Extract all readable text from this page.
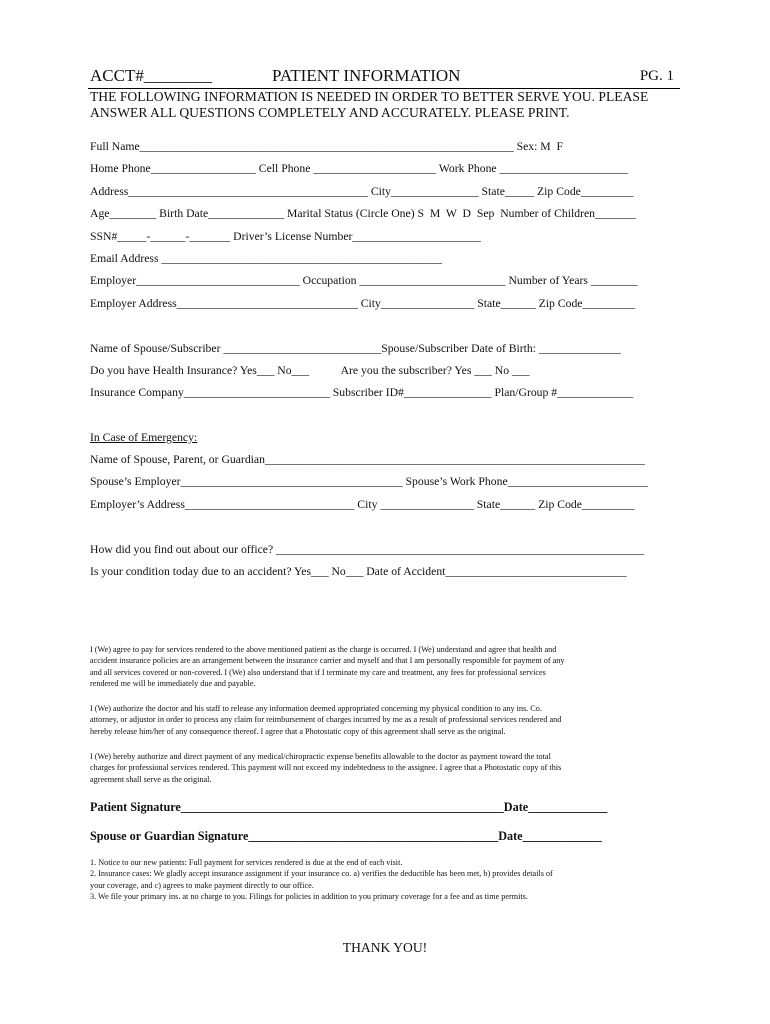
ACCT#________	PATIENT INFORMATION	PG. 1
THE FOLLOWING INFORMATION IS NEEDED IN ORDER TO BETTER SERVE YOU. PLEASE
ANSWER ALL QUESTIONS COMPLETELY AND ACCURATELY. PLEASE PRINT.
Full Name________________________________________________________________ Sex: M  F
Home Phone__________________ Cell Phone _____________________ Work Phone ______________________
Address_________________________________________ City_______________ State_____ Zip Code_________
Age________ Birth Date_____________ Marital Status (Circle One) S  M  W  D  Sep  Number of Children_______
SSN#_____-______-_______ Driver’s License Number______________________
Email Address ________________________________________________
Employer____________________________ Occupation _________________________ Number of Years ________
Employer Address_______________________________ City________________ State______ Zip Code_________
Name of Spouse/Subscriber ___________________________Spouse/Subscriber Date of Birth: ______________
Do you have Health Insurance? Yes___ No___           Are you the subscriber? Yes ___ No ___
Insurance Company_________________________ Subscriber ID#_______________ Plan/Group #_____________
In Case of Emergency:
Name of Spouse, Parent, or Guardian_________________________________________________________________
Spouse’s Employer______________________________________ Spouse’s Work Phone________________________
Employer’s Address_____________________________ City ________________ State______ Zip Code_________
How did you find out about our office? _______________________________________________________________
Is your condition today due to an accident? Yes___ No___ Date of Accident_______________________________
I (We) agree to pay for services rendered to the above mentioned patient as the charge is occurred. I (We) understand and agree that health and
accident insurance policies are an arrangement between the insurance carrier and myself and that I am personally responsible for payment of any
and all services covered or non-covered. I (We) also understand that if I terminate my care and treatment, any fees for professional services
rendered me will be immediately due and payable.
I (We) authorize the doctor and his staff to release any information deemed appropriated concerning my physical condition to any ins. Co.
attorney, or adjustor in order to process any claim for reimbursement of charges incurred by me as a result of professional services rendered and
hereby release him/her of any consequence thereof. I agree that a Photostatic copy of this agreement shall serve as the original.
I (We) hereby authorize and direct payment of any medical/chiropractic expense benefits allowable to the doctor as payment toward the total
charges for professional services rendered. This payment will not exceed my indebtedness to the assignee. I agree that a Photostatic copy of this
agreement shall serve as the original.
Patient Signature_____________________________________________________Date_____________
Spouse or Guardian Signature_________________________________________Date_____________
1. Notice to our new patients: Full payment for services rendered is due at the end of each visit.
2. Insurance cases: We gladly accept insurance assignment if your insurance co. a) verifies the deductible has been met, b) provides details of
your coverage, and c) agrees to make payment directly to our office.
3. We file your primary ins. at no charge to you. Filings for policies in addition to you primary coverage for a fee and as time permits.
THANK YOU!
